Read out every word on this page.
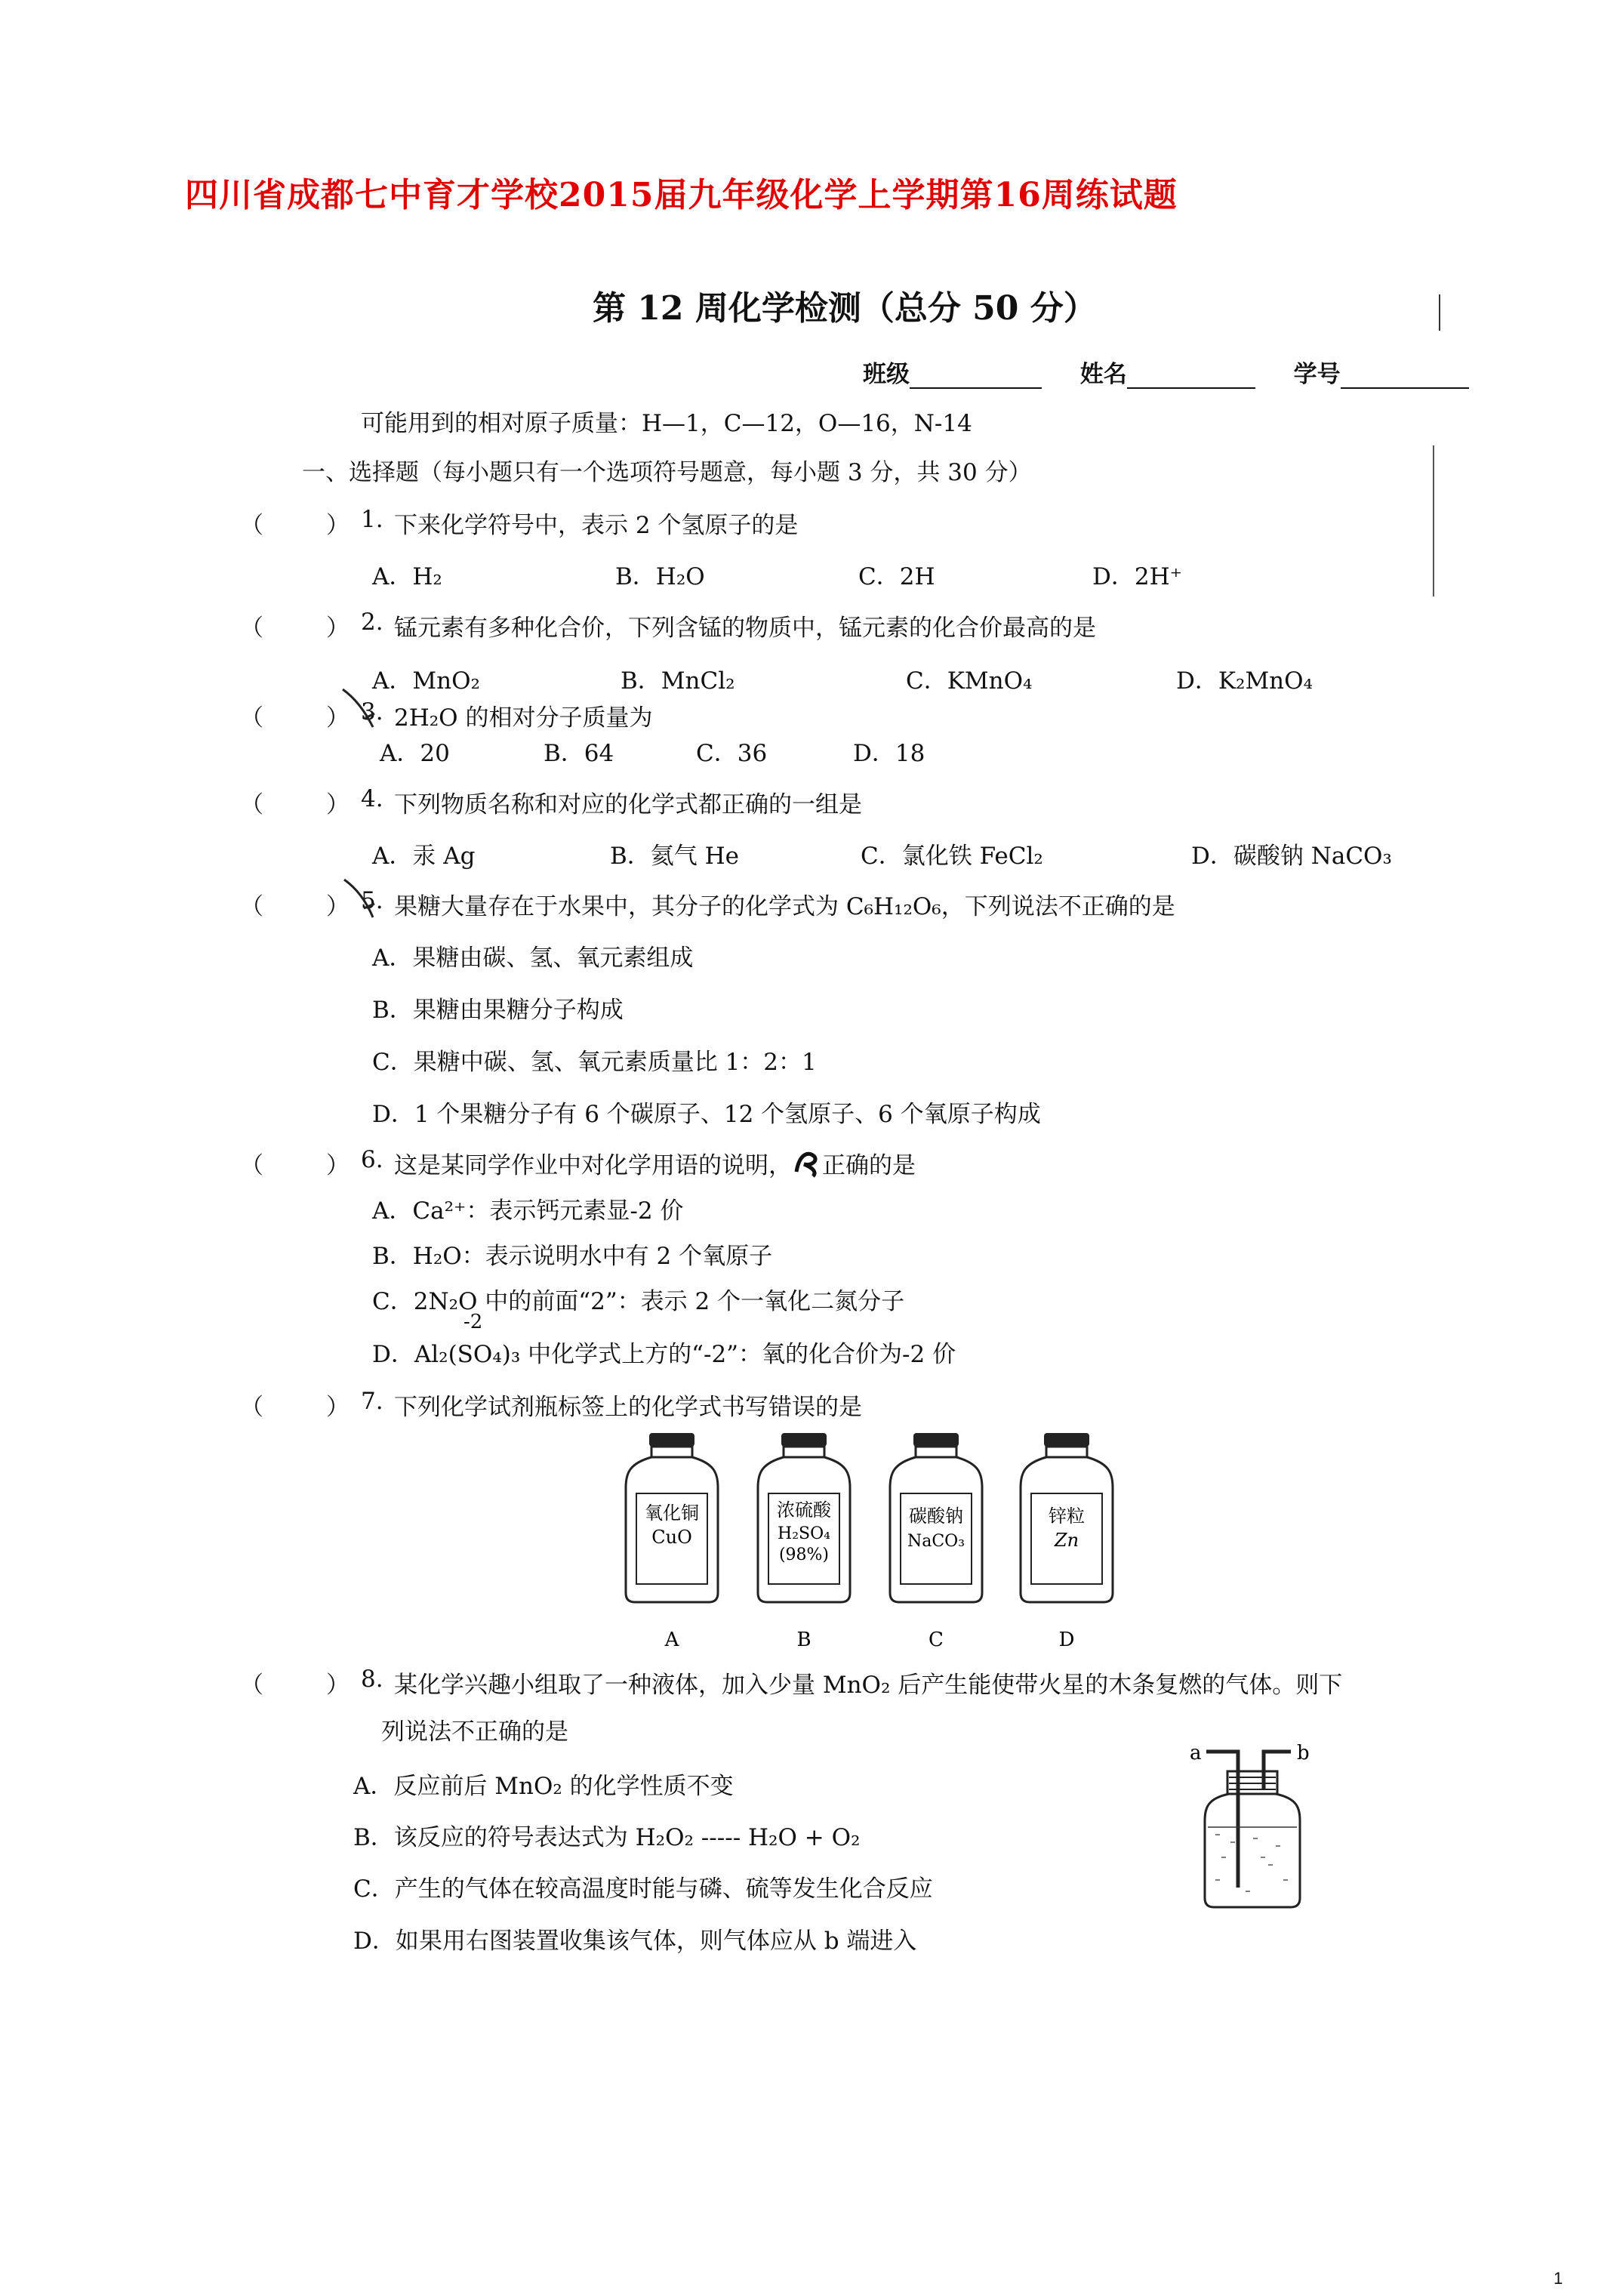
四川省成都七中育才学校2015届九年级化学上学期第16周练试题
第 12 周化学检测（总分 50 分）
班级	姓名	学号
可能用到的相对原子质量：H—1，C—12，O—16，N-14
一、选择题（每小题只有一个选项符号题意，每小题 3 分，共 30 分）
（	） 1. 下来化学符号中，表示 2 个氢原子的是
A．H₂	B．H₂O	C．2H	D．2H⁺
（	） 2. 锰元素有多种化合价，下列含锰的物质中，锰元素的化合价最高的是
A．MnO₂	B．MnCl₂	C．KMnO₄	D．K₂MnO₄
（	） 3. 2H₂O 的相对分子质量为
A．20	B．64	C．36	D．18
（	） 4. 下列物质名称和对应的化学式都正确的一组是
A．汞 Ag	B．氦气 He	C．氯化铁 FeCl₂	D．碳酸钠 NaCO₃
（	） 5. 果糖大量存在于水果中，其分子的化学式为 C₆H₁₂O₆，下列说法不正确的是
A．果糖由碳、氢、氧元素组成
B．果糖由果糖分子构成
C．果糖中碳、氢、氧元素质量比 1：2：1
D．1 个果糖分子有 6 个碳原子、12 个氢原子、6 个氧原子构成
（	） 6. 这是某同学作业中对化学用语的说明， 正确的是
A．Ca²⁺：表示钙元素显-2 价
B．H₂O：表示说明水中有 2 个氧原子
C．2N₂O 中的前面“2”：表示 2 个一氧化二氮分子
-2
D．Al₂(SO₄)₃ 中化学式上方的“-2”：氧的化合价为-2 价
（	） 7. 下列化学试剂瓶标签上的化学式书写错误的是
氧化铜
CuO
A
浓硫酸
H₂SO₄
(98%)
B
碳酸钠
NaCO₃
C
锌粒
Zn
D
（	） 8. 某化学兴趣小组取了一种液体，加入少量 MnO₂ 后产生能使带火星的木条复燃的气体。则下
列说法不正确的是
A．反应前后 MnO₂ 的化学性质不变
B．该反应的符号表达式为 H₂O₂ ----- H₂O + O₂
C．产生的气体在较高温度时能与磷、硫等发生化合反应
D．如果用右图装置收集该气体，则气体应从 b 端进入
a	b
1
